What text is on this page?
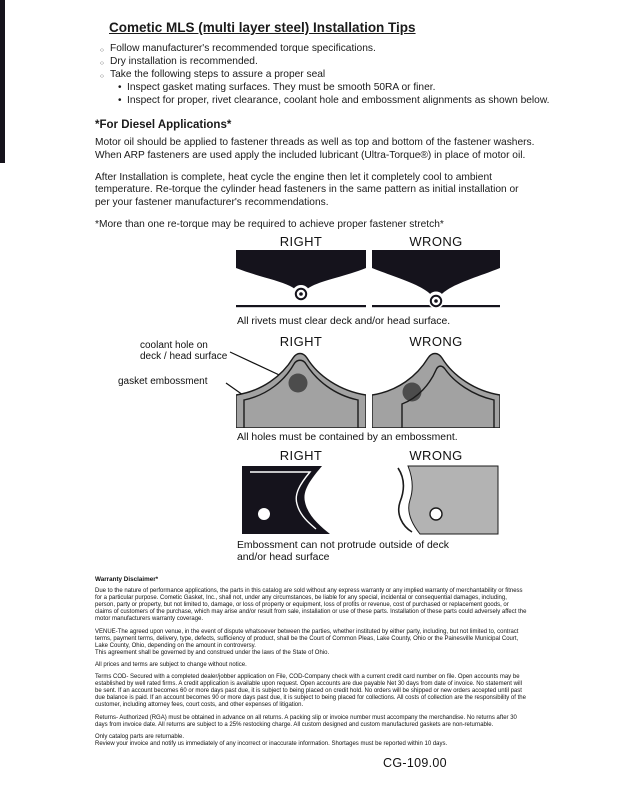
Cometic MLS (multi layer steel) Installation Tips
○ Follow manufacturer's recommended torque specifications.
○ Dry installation is recommended.
○ Take the following steps to assure a proper seal
• Inspect gasket mating surfaces. They must be smooth 50RA or finer.
• Inspect for proper, rivet clearance, coolant hole and embossment alignments as shown below.
*For Diesel Applications*

Motor oil should be applied to fastener threads as well as top and bottom of the fastener washers. When ARP fasteners are used apply the included lubricant (Ultra-Torque®) in place of motor oil.

After Installation is complete, heat cycle the engine then let it completely cool to ambient temperature. Re-torque the cylinder head fasteners in the same pattern as initial installation or per your fastener manufacturer's recommendations.

*More than one re-torque may be required to achieve proper fastener stretch*

RIGHT	WRONG
All rivets must clear deck and/or head surface.
RIGHT	WRONG
coolant hole on
deck / head surface
gasket embossment
All holes must be contained by an embossment.
RIGHT	WRONG
Embossment can not protrude outside of deck
and/or head surface
Warranty Disclaimer*
Due to the nature of performance applications, the parts in this catalog are sold without any express warranty or any implied warranty of merchantability or fitness for a particular purpose. Cometic Gasket, Inc., shall not, under any circumstances, be liable for any special, incidental or consequential damages, including, person, party or property, but not limited to, damage, or loss of property or equipment, loss of profits or revenue, cost of purchased or replacement goods, or claims of customers of the purchase, which may arise and/or result from sale, installation or use of these parts. Installation of these parts could adversely affect the motor manufacturers warranty coverage.
VENUE-The agreed upon venue, in the event of dispute whatsoever between the parties, whether instituted by either party, including, but not limited to, contract terms, payment terms, delivery, type, defects, sufficiency of product, shall be the Court of Common Pleas, Lake County, Ohio or the Painesville Municipal Court, Lake County, Ohio, depending on the amount in controversy.
This agreement shall be governed by and construed under the laws of the State of Ohio.
All prices and terms are subject to change without notice.
Terms COD- Secured with a completed dealer/jobber application on File, COD-Company check with a current credit card number on file. Open accounts may be established by well rated firms. A credit application is available upon request. Open accounts are due payable Net 30 days from date of invoice. No statement will be sent. If an account becomes 60 or more days past due, it is subject to being placed on credit hold. No orders will be shipped or new orders accepted until past due balance is paid. If an account becomes 90 or more days past due, it is subject to being placed for collections. All costs of collection are the responsibility of the customer, including attorney fees, court costs, and other expenses of litigation.
Returns- Authorized (RGA) must be obtained in advance on all returns. A packing slip or invoice number must accompany the merchandise. No returns after 30 days from invoice date. All returns are subject to a 25% restocking charge. All custom designed and custom manufactured gaskets are non-returnable.
Only catalog parts are returnable.
Review your invoice and notify us immediately of any incorrect or inaccurate information. Shortages must be reported within 10 days.
CG-109.00
